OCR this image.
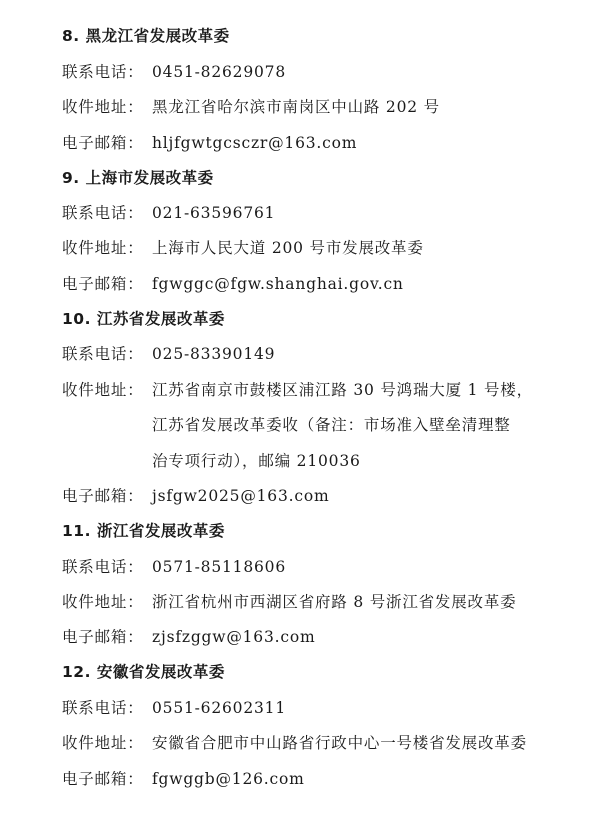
8. 黑龙江省发展改革委
联系电话： 0451-82629078
收件地址： 黑龙江省哈尔滨市南岗区中山路 202 号
电子邮箱： hljfgwtgcsczr@163.com
9. 上海市发展改革委
联系电话： 021-63596761
收件地址： 上海市人民大道 200 号市发展改革委
电子邮箱： fgwggc@fgw.shanghai.gov.cn
10. 江苏省发展改革委
联系电话： 025-83390149
收件地址： 江苏省南京市鼓楼区浦江路 30 号鸿瑞大厦 1 号楼，
江苏省发展改革委收（备注：市场准入壁垒清理整
治专项行动），邮编 210036
电子邮箱： jsfgw2025@163.com
11. 浙江省发展改革委
联系电话： 0571-85118606
收件地址： 浙江省杭州市西湖区省府路 8 号浙江省发展改革委
电子邮箱： zjsfzggw@163.com
12. 安徽省发展改革委
联系电话： 0551-62602311
收件地址： 安徽省合肥市中山路省行政中心一号楼省发展改革委
电子邮箱： fgwggb@126.com
